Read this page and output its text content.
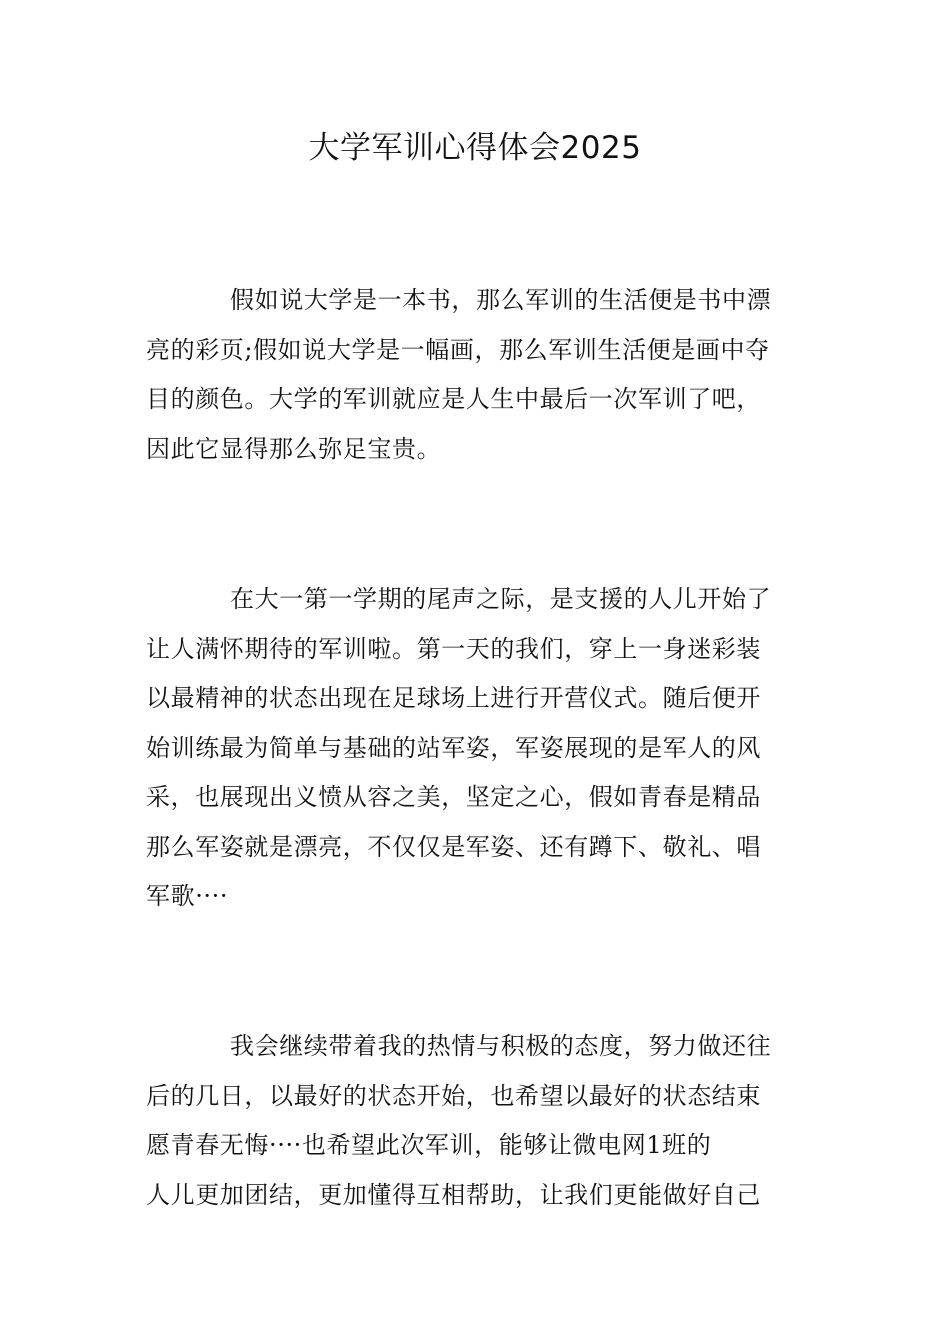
大学军训心得体会2025
假如说大学是一本书，那么军训的生活便是书中漂
亮的彩页;假如说大学是一幅画，那么军训生活便是画中夺
目的颜色。大学的军训就应是人生中最后一次军训了吧，
因此它显得那么弥足宝贵。
在大一第一学期的尾声之际，是支援的人儿开始了
让人满怀期待的军训啦。第一天的我们，穿上一身迷彩装
以最精神的状态出现在足球场上进行开营仪式。随后便开
始训练最为简单与基础的站军姿，军姿展现的是军人的风
采，也展现出义愤从容之美，坚定之心，假如青春是精品
那么军姿就是漂亮，不仅仅是军姿、还有蹲下、敬礼、唱
军歌····
我会继续带着我的热情与积极的态度，努力做还往
后的几日，以最好的状态开始，也希望以最好的状态结束
愿青春无悔····也希望此次军训，能够让微电网1班的
人儿更加团结，更加懂得互相帮助，让我们更能做好自己
